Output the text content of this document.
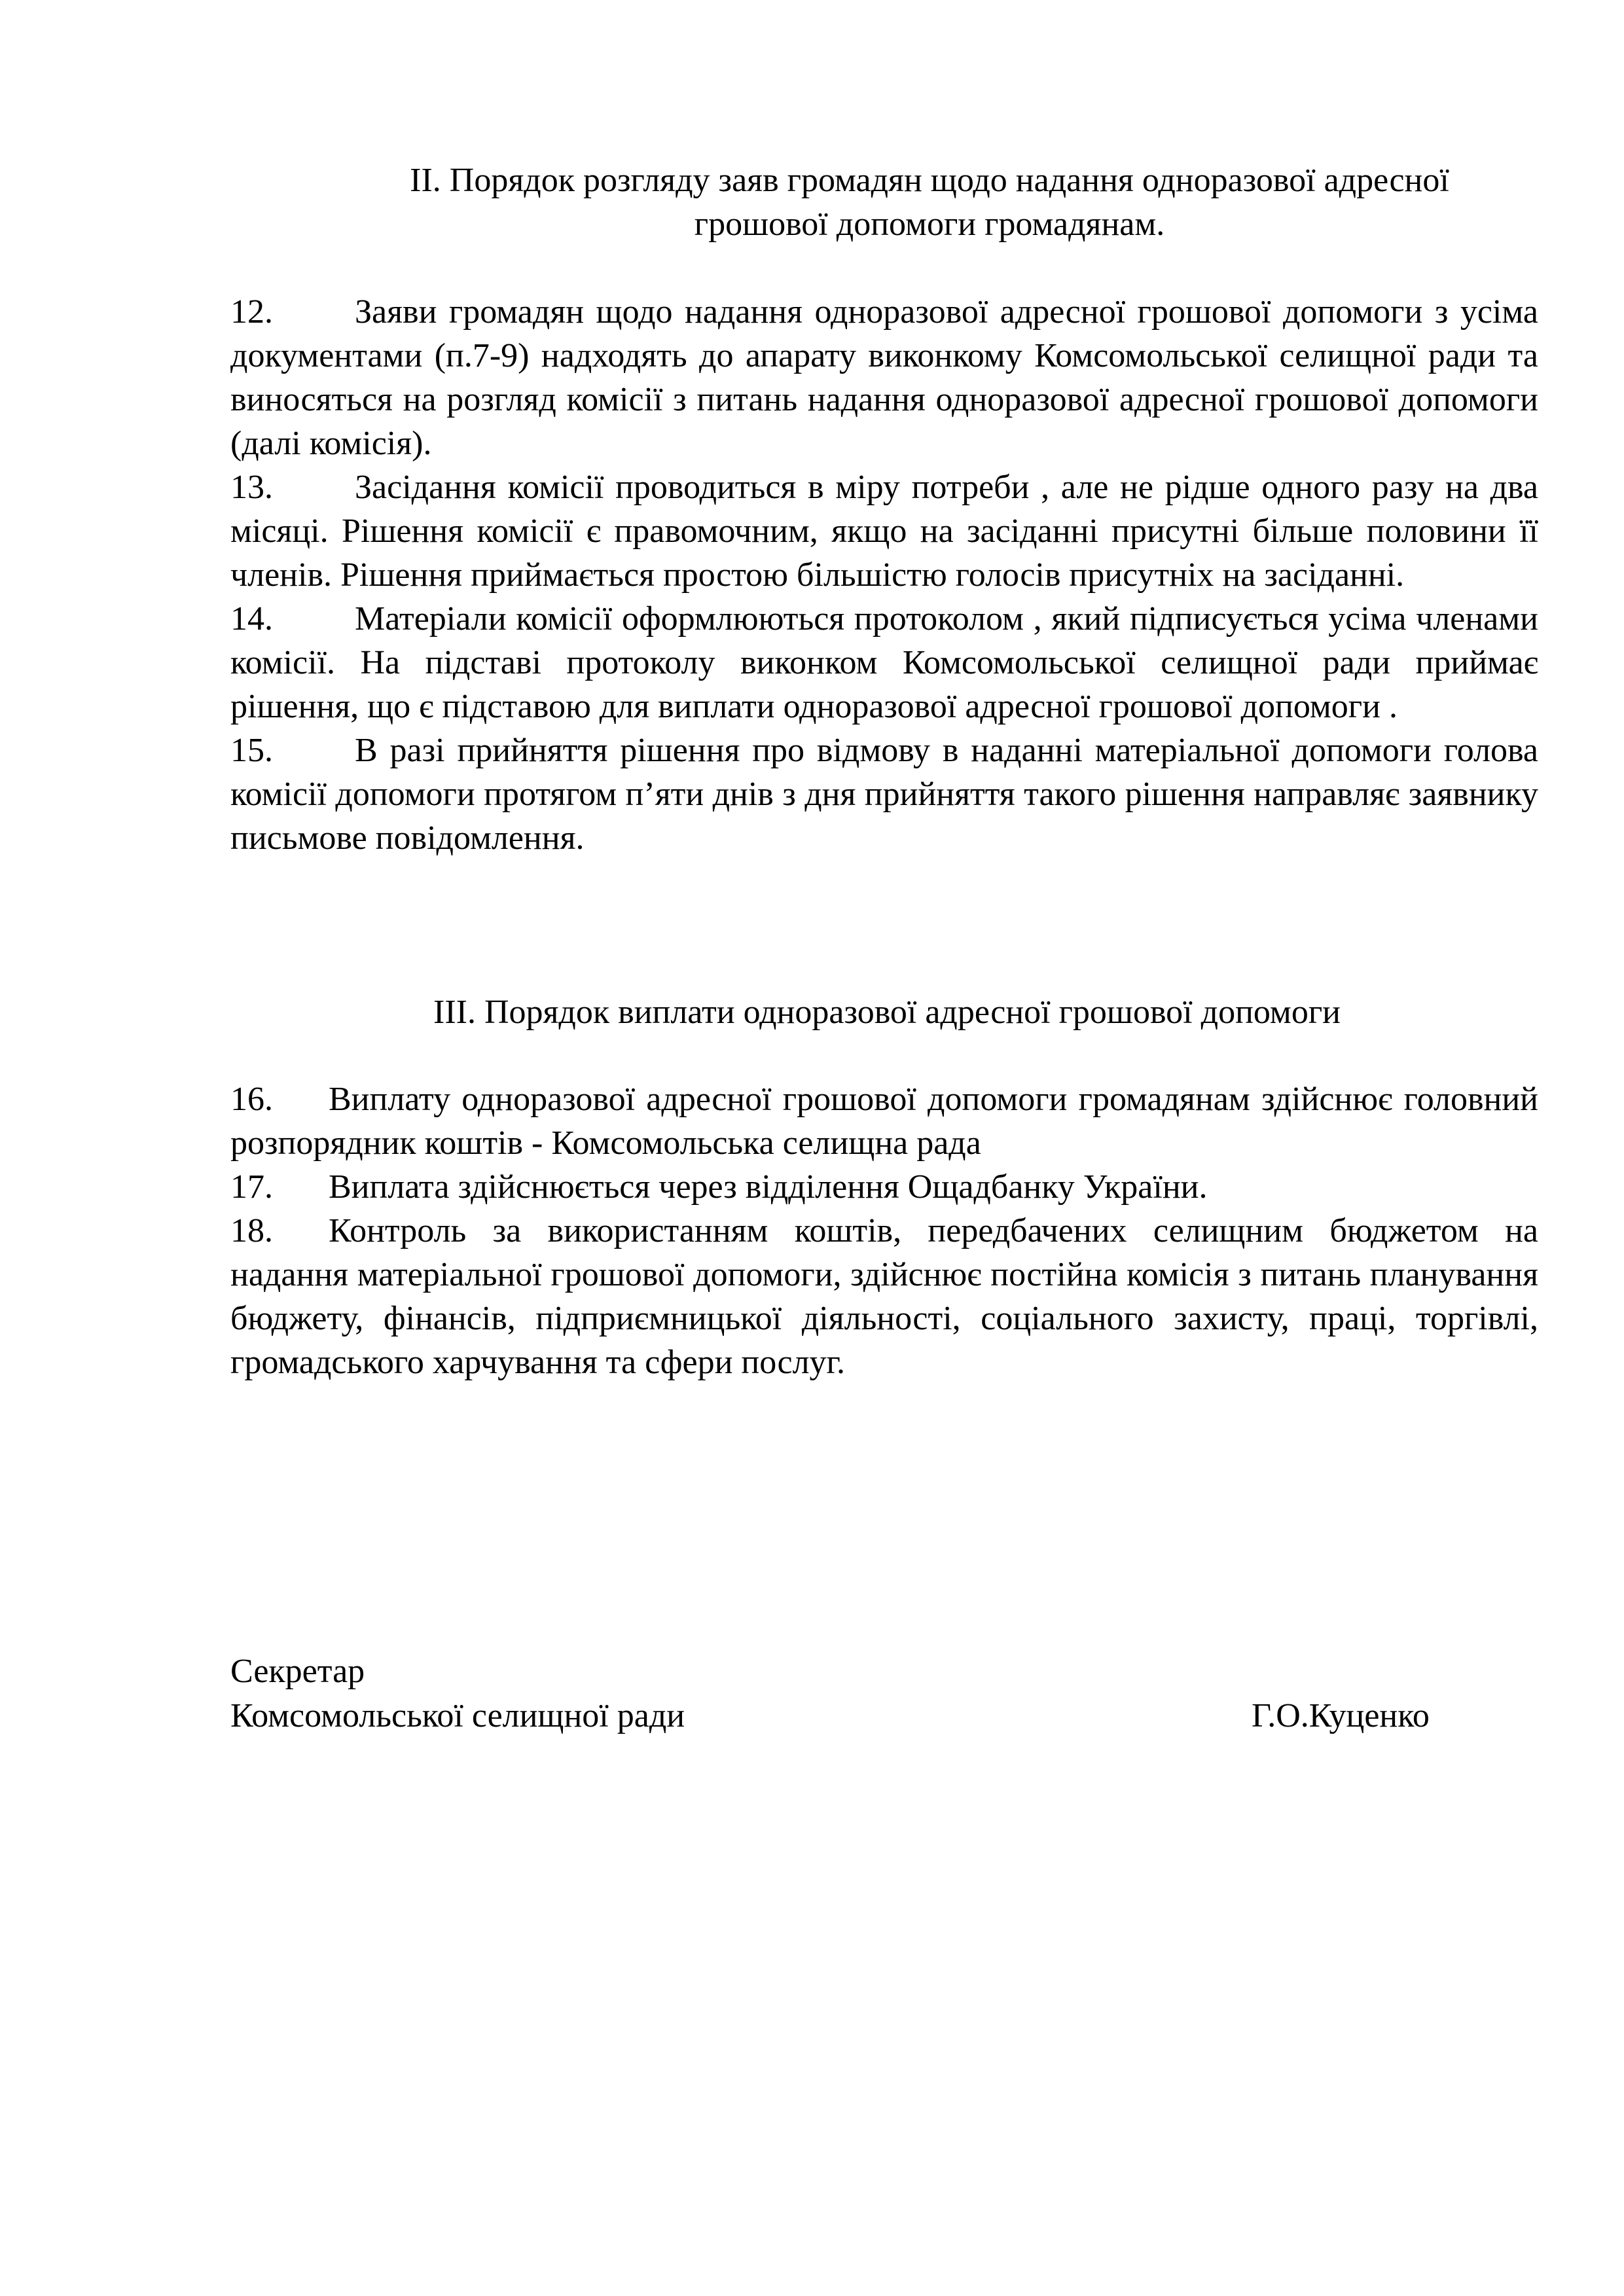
ІІ. Порядок розгляду заяв громадян щодо надання одноразової адресної
грошової допомоги громадянам.

12. Заяви громадян щодо надання одноразової адресної грошової допомоги з усіма документами (п.7-9) надходять до апарату виконкому Комсомольської селищної ради та виносяться на розгляд комісії з питань надання одноразової адресної грошової допомоги (далі комісія).

13. Засідання комісії проводиться в міру потреби , але не рідше одного разу на два місяці. Рішення комісії є правомочним, якщо на засіданні присутні більше половини її членів. Рішення приймається простою більшістю голосів присутніх на засіданні.

14. Матеріали комісії оформлюються протоколом , який підписується усіма членами комісії. На підставі протоколу виконком Комсомольської селищної ради приймає рішення, що є підставою для виплати одноразової адресної грошової допомоги .

15. В разі прийняття рішення про відмову в наданні матеріальної допомоги голова комісії допомоги протягом п’яти днів з дня прийняття такого рішення направляє заявнику письмове повідомлення.

ІІІ. Порядок виплати одноразової адресної грошової допомоги

16. Виплату одноразової адресної грошової допомоги громадянам здійснює головний розпорядник коштів - Комсомольська селищна рада

17. Виплата здійснюється через відділення Ощадбанку України.

18. Контроль за використанням коштів, передбачених селищним бюджетом на надання матеріальної грошової допомоги, здійснює постійна комісія з питань планування бюджету, фінансів, підприємницької діяльності, соціального захисту, праці, торгівлі, громадського харчування та сфери послуг.

Секретар
Комсомольської селищної ради	Г.О.Куценко
